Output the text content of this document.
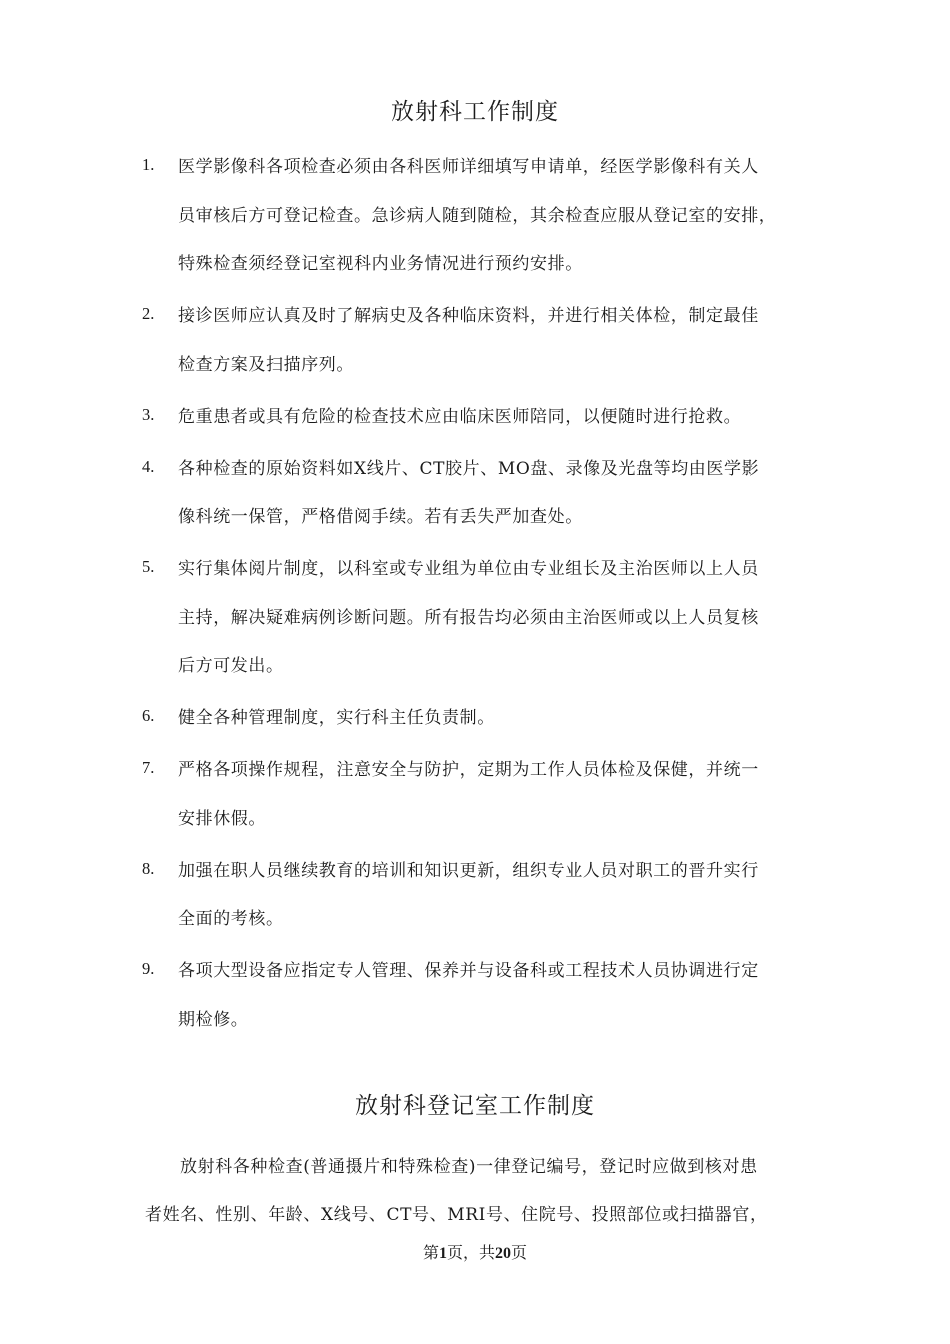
放射科工作制度
1. 医学影像科各项检查必须由各科医师详细填写申请单，经医学影像科有关人
员审核后方可登记检查。急诊病人随到随检，其余检查应服从登记室的安排，
特殊检查须经登记室视科内业务情况进行预约安排。
2. 接诊医师应认真及时了解病史及各种临床资料，并进行相关体检，制定最佳
检查方案及扫描序列。
3. 危重患者或具有危险的检查技术应由临床医师陪同，以便随时进行抢救。
4. 各种检查的原始资料如X线片、CT胶片、MO盘、录像及光盘等均由医学影
像科统一保管，严格借阅手续。若有丢失严加查处。
5. 实行集体阅片制度，以科室或专业组为单位由专业组长及主治医师以上人员
主持，解决疑难病例诊断问题。所有报告均必须由主治医师或以上人员复核
后方可发出。
6. 健全各种管理制度，实行科主任负责制。
7. 严格各项操作规程，注意安全与防护，定期为工作人员体检及保健，并统一
安排休假。
8. 加强在职人员继续教育的培训和知识更新，组织专业人员对职工的晋升实行
全面的考核。
9. 各项大型设备应指定专人管理、保养并与设备科或工程技术人员协调进行定
期检修。
放射科登记室工作制度
放射科各种检查(普通摄片和特殊检查)一律登记编号，登记时应做到核对患
者姓名、性别、年龄、X线号、CT号、MRI号、住院号、投照部位或扫描器官，
第1页，共20页
